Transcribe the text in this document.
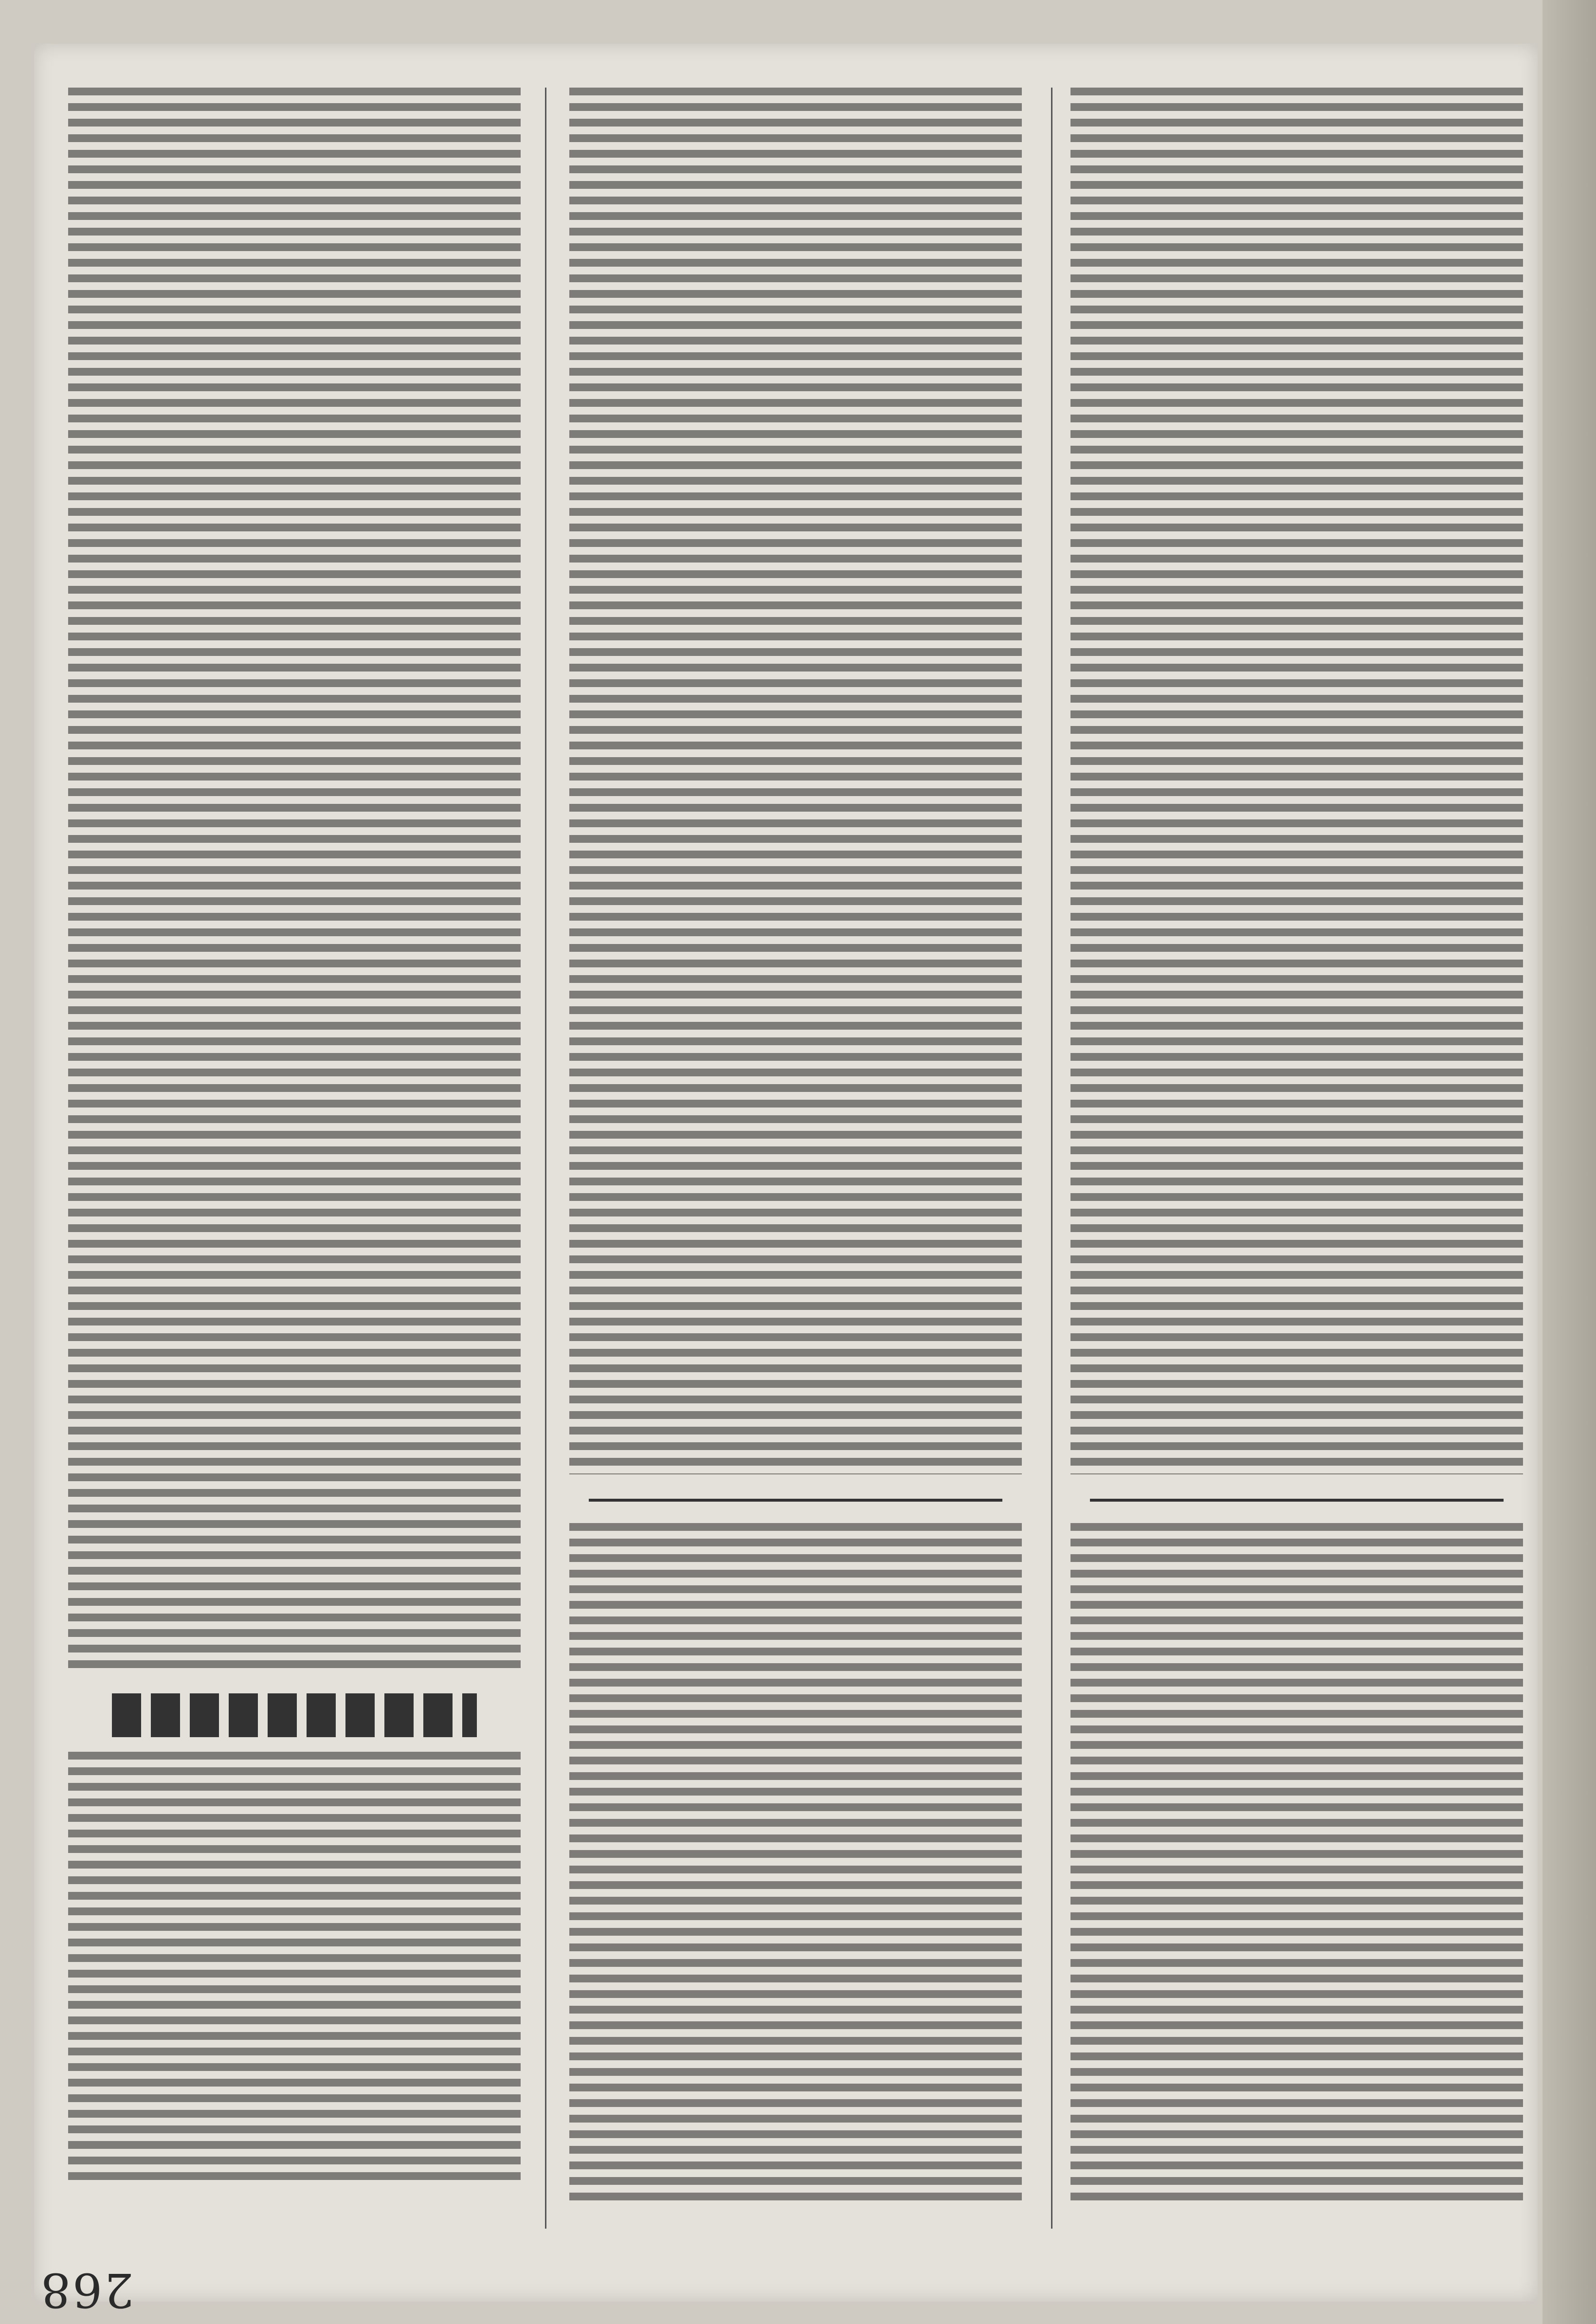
268
